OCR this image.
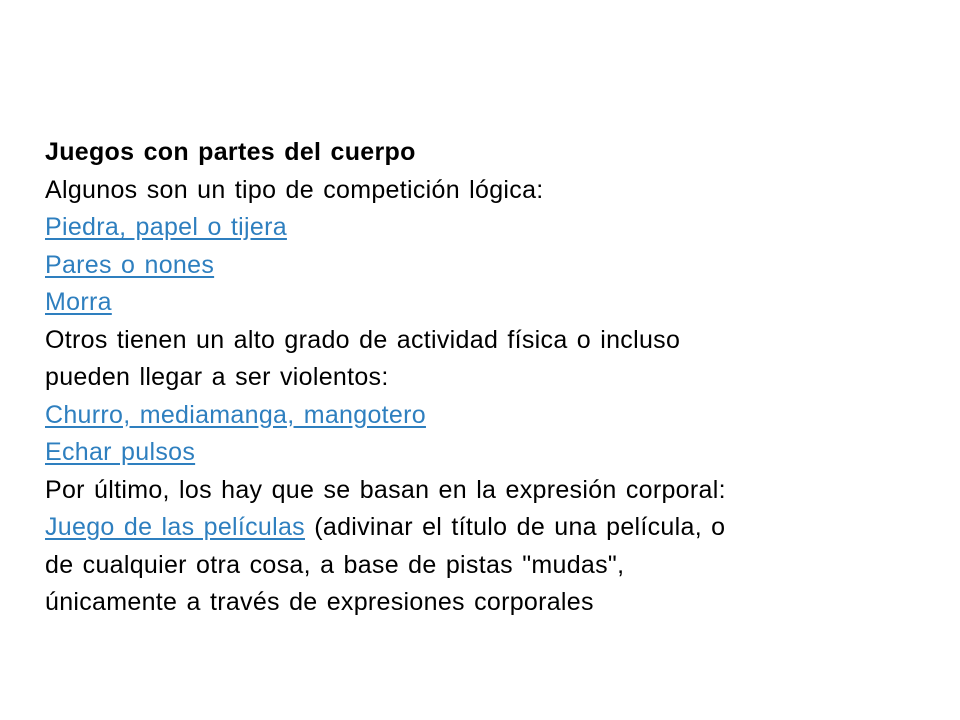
Juegos con partes del cuerpo
Algunos son un tipo de competición lógica:
Piedra, papel o tijera
Pares o nones
Morra
Otros tienen un alto grado de actividad física o incluso
pueden llegar a ser violentos:
Churro, mediamanga, mangotero
Echar pulsos
Por último, los hay que se basan en la expresión corporal:
Juego de las películas (adivinar el título de una película, o
de cualquier otra cosa, a base de pistas "mudas",
únicamente a través de expresiones corporales
